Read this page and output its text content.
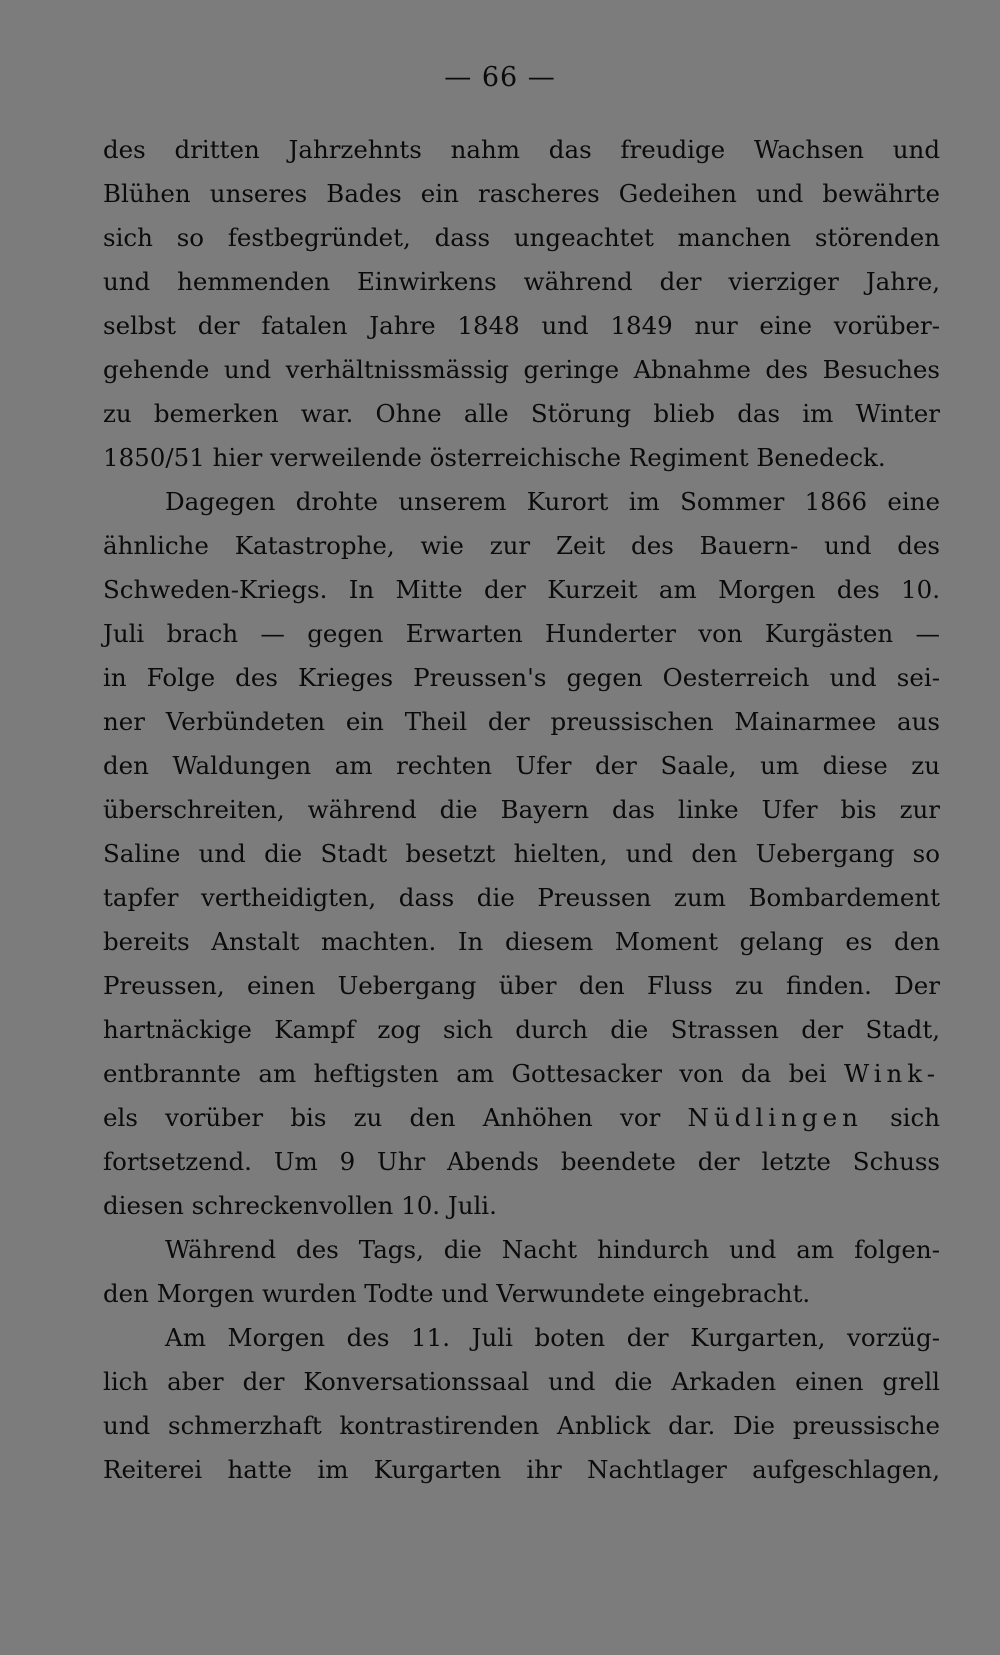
— 66 —
des dritten Jahrzehnts nahm das freudige Wachsen und
Blühen unseres Bades ein rascheres Gedeihen und bewährte
sich so festbegründet, dass ungeachtet manchen störenden
und hemmenden Einwirkens während der vierziger Jahre,
selbst der fatalen Jahre 1848 und 1849 nur eine vorüber-
gehende und verhältnissmässig geringe Abnahme des Besuches
zu bemerken war. Ohne alle Störung blieb das im Winter
1850/51 hier verweilende österreichische Regiment Benedeck.
Dagegen drohte unserem Kurort im Sommer 1866 eine
ähnliche Katastrophe, wie zur Zeit des Bauern- und des
Schweden-Kriegs. In Mitte der Kurzeit am Morgen des 10.
Juli brach — gegen Erwarten Hunderter von Kurgästen —
in Folge des Krieges Preussen's gegen Oesterreich und sei-
ner Verbündeten ein Theil der preussischen Mainarmee aus
den Waldungen am rechten Ufer der Saale, um diese zu
überschreiten, während die Bayern das linke Ufer bis zur
Saline und die Stadt besetzt hielten, und den Uebergang so
tapfer vertheidigten, dass die Preussen zum Bombardement
bereits Anstalt machten. In diesem Moment gelang es den
Preussen, einen Uebergang über den Fluss zu finden. Der
hartnäckige Kampf zog sich durch die Strassen der Stadt,
entbrannte am heftigsten am Gottesacker von da bei Wink-
els vorüber bis zu den Anhöhen vor Nüdlingen sich
fortsetzend. Um 9 Uhr Abends beendete der letzte Schuss
diesen schreckenvollen 10. Juli.
Während des Tags, die Nacht hindurch und am folgen-
den Morgen wurden Todte und Verwundete eingebracht.
Am Morgen des 11. Juli boten der Kurgarten, vorzüg-
lich aber der Konversationssaal und die Arkaden einen grell
und schmerzhaft kontrastirenden Anblick dar. Die preussische
Reiterei hatte im Kurgarten ihr Nachtlager aufgeschlagen,
